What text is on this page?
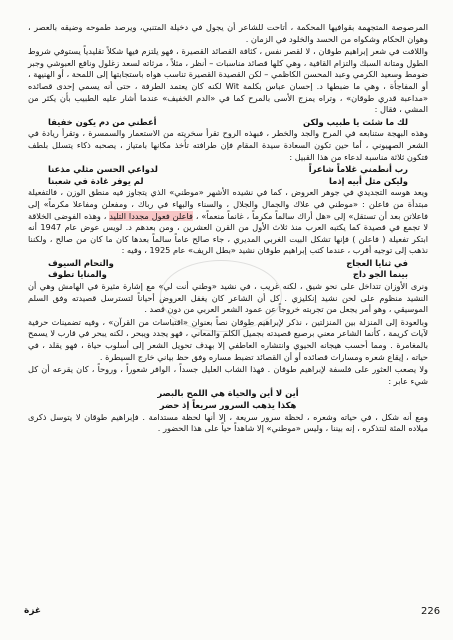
المرصوصة المتجهمة بقوافيها المحكمة ، أتاحت للشاعر أن يجول في دخيلة المتنبي، ويرصد طموحه وضيقه بالعصر ، وهوان الحكام وشكواه من الحسد والخلود في الزمان .

واللافت في شعر إبراهيم طوقان ، لا لقصر نفس ، كثافة القصائد القصيرة ، فهو يلتزم فيها شكلاً تقليدياً يستوفي شروط الطول ومتانة السبك والتزام القافية ، وهي كلها قصائد مناسبات – أنظر ، مثلاً ، مرثاته لسعد زغلول ونافع العبوشي وجبر ضومط وسعيد الكرمي وعبد المحسن الكاظمي – لكن القصيدة القصيرة تناسب هواه باستجابتها إلى اللمحة ، أو الهنيهة ، أو المفاجأة ، وهي ما ضبطها د. إحسان عباس بكلمة Wit لكنه كان يعتمد الطرفة ، حتى أنه يسمي إحدى قصائده «مداعبة قدري طوقان» ، وتراه يمزج الأسى بالمرح كما في «الدم الخفيف» عندما أشار عليه الطبيب بأن يكثر من المشي ، فقال :

لك ما شئت يا طبيب ولكن
أعطني من دم يكون خفيفا

وهذه البهجة ستنابعه في المرح والجد والخطر ، فبهذه الروح تقرأ سخريته من الاستعمار والسمسرة ، وتقرأ ريادة في الشعر الصهيوني ، أما حين تكون السعادة سيدة المقام فإن طرافته تأخذ مكانها بامتياز ، يصحبه ذكاء يتسلل بلطف فتكون ثلاثة مناسبة لدعاء من هذا القبيل :

رب أنطمني غلاماً شاعراً
لدواعي الحسن مثلي مذعنا
وليكن مثل أبيه إذما
لم يوفر غادة في شعبنا

ويعد هوسه التجديدي في جوهر العروض ، كما في نشيده الأشهر «موطني» الذي يتجاوز فيه منطق الوزن ، فالتفعيلة مبتدأة من فاعلن : «موطني في علاك والجمال والجلال ، والسناء والبهاء في رباك ، ومفعلن ومفاعلا مكرماً» إلى فاعلاتن بعد أن تستقل» إلى «هل أراك سالماً مكرماً ، غانماً منعماً» ، فاعلن فعول مجددا التليد ، وهذه الفوضى الخلاقة لا تجمع في قصيدة كما يكتبه العرب منذ ثلاث الأول من القرن العشرين ، ومن بعدهم د. لويس عوض عام 1947 أنه ابتكر تفعيلة ( فاعلن ) فإنها تشكل البيت الغربي المديري ، جاء صالح عاماً سالماً بعدها كان ما كان من صالح ، ولكننا نذهب إلى توجيه أقرب ، عندما كتب إبراهيم طوقان نشيد «بطل الريف» عام 1925 ، وفيه :

في ثنايا العجاج
والتحام السيوف
بينما الجو داج
والمنايا تطوف

ونرى الأوزان تتداخل على نحو شيق ، لكنه غريب ، في نشيد «وطني أنت لي» مع إشارة مثيرة في الهامش وهي أن النشيد منظوم على لحن نشيد إنكليزي . كل أن الشاعر كان يغفل العروض أحياناً لتسترسل قصيدته وفق السلم الموسيقي ، وهو أمر يجعل من تجربته خروجاً عن عمود الشعر العربي من دون قصد .

وبالعودة إلى المنزلة بين المنزلتين ، نذكر لإبراهيم طوقان نصاً بعنوان «اقتباسات من القرآن» ، وفيه تضمينات حرفية لآيات كريمة ، كأنما الشاعر معني برصيع قصيدته بجميل الكلم والمعاني ، فهو يجدد ويبحر ، لكنه يبحر في قارب لا يسمح بالمغامرة . ومما أحسب هيجانه الحيوي وانتشاره العاطفي إلا بهدف تحويل الشعر إلى أسلوب حياة ، فهو يقلد ، في حياته ، إيقاع شعره ومسارات قصائده أو أن القصائد تضبط مساره وفق حظ بياني خارج السيطرة .

ولا يصعب العثور على فلسفة لإبراهيم طوقان . فهذا الشاب العليل جسداً ، الوافر شعوراً ، وروحاً ، كان يقرعه أن كل شيء عابر :

أين لا أين والحياة هي اللمح بالبصر
هكذا يذهب السرور سريعاً إذ حضر

ومع أنه شكل ، في حياته وشعره ، لحظة سرور سريعة ، إلا أنها لحظة مستدامة . فإبراهيم طوقان لا يتوسل ذكرى ميلاده المئة لنتذكره ، إنه بيننا ، وليس «موطني» إلا شاهداً حياً على هذا الحضور .

226
غزة
